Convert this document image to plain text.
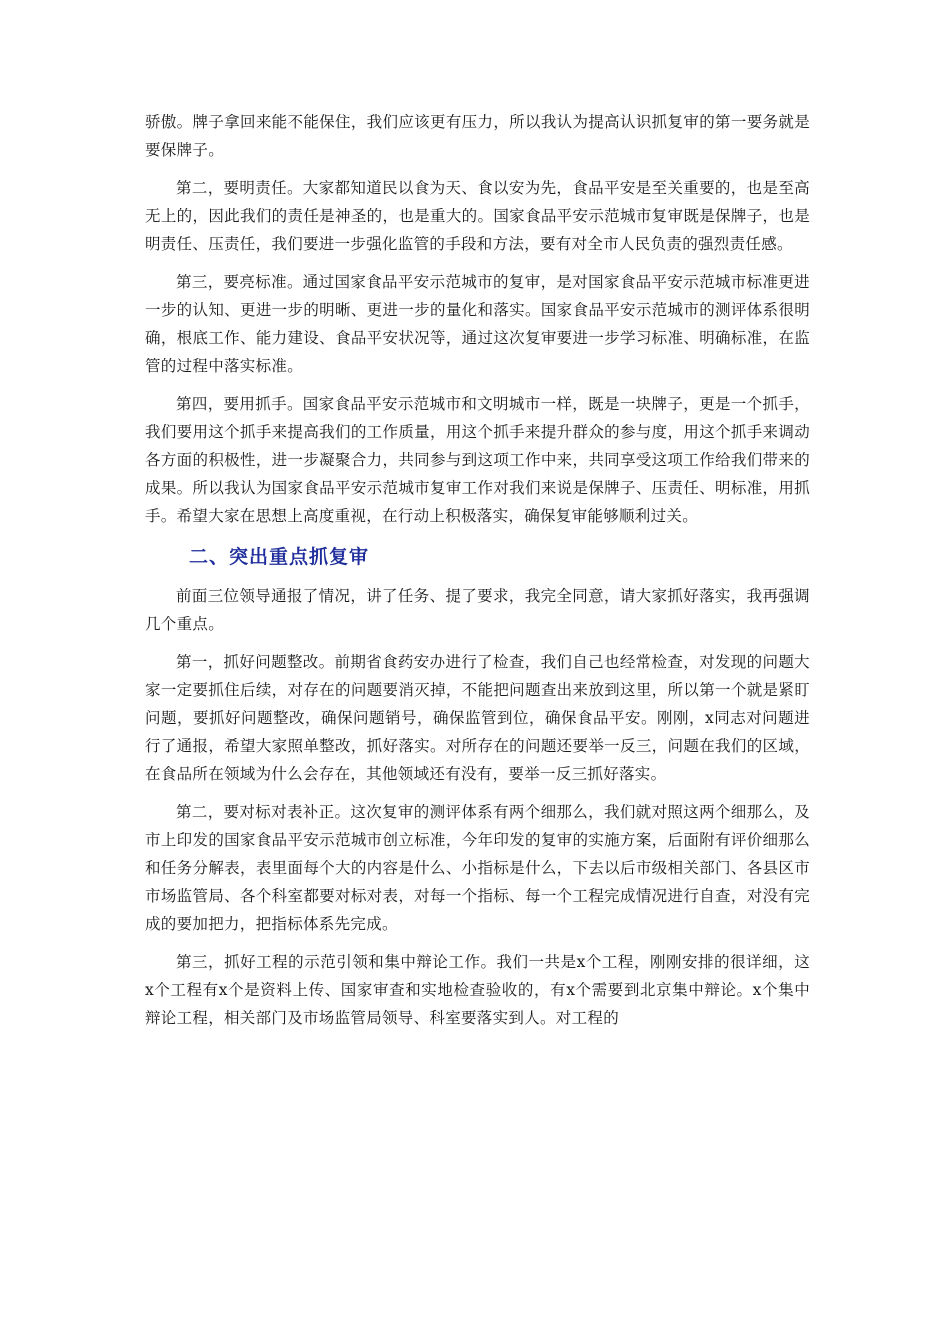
骄傲。牌子拿回来能不能保住，我们应该更有压力，所以我认为提高认识抓复审的第一要务就是要保牌子。

第二，要明责任。大家都知道民以食为天、食以安为先，食品平安是至关重要的，也是至高无上的，因此我们的责任是神圣的，也是重大的。国家食品平安示范城市复审既是保牌子，也是明责任、压责任，我们要进一步强化监管的手段和方法，要有对全市人民负责的强烈责任感。

第三，要亮标准。通过国家食品平安示范城市的复审，是对国家食品平安示范城市标准更进一步的认知、更进一步的明晰、更进一步的量化和落实。国家食品平安示范城市的测评体系很明确，根底工作、能力建设、食品平安状况等，通过这次复审要进一步学习标准、明确标准，在监管的过程中落实标准。

第四，要用抓手。国家食品平安示范城市和文明城市一样，既是一块牌子，更是一个抓手，我们要用这个抓手来提高我们的工作质量，用这个抓手来提升群众的参与度，用这个抓手来调动各方面的积极性，进一步凝聚合力，共同参与到这项工作中来，共同享受这项工作给我们带来的成果。所以我认为国家食品平安示范城市复审工作对我们来说是保牌子、压责任、明标准，用抓手。希望大家在思想上高度重视，在行动上积极落实，确保复审能够顺利过关。

二、突出重点抓复审

前面三位领导通报了情况，讲了任务、提了要求，我完全同意，请大家抓好落实，我再强调几个重点。

第一，抓好问题整改。前期省食药安办进行了检查，我们自己也经常检查，对发现的问题大家一定要抓住后续，对存在的问题要消灭掉，不能把问题查出来放到这里，所以第一个就是紧盯问题，要抓好问题整改，确保问题销号，确保监管到位，确保食品平安。刚刚，x同志对问题进行了通报，希望大家照单整改，抓好落实。对所存在的问题还要举一反三，问题在我们的区域，在食品所在领域为什么会存在，其他领域还有没有，要举一反三抓好落实。

第二，要对标对表补正。这次复审的测评体系有两个细那么，我们就对照这两个细那么，及市上印发的国家食品平安示范城市创立标准，今年印发的复审的实施方案，后面附有评价细那么和任务分解表，表里面每个大的内容是什么、小指标是什么，下去以后市级相关部门、各县区市市场监管局、各个科室都要对标对表，对每一个指标、每一个工程完成情况进行自查，对没有完成的要加把力，把指标体系先完成。

第三，抓好工程的示范引领和集中辩论工作。我们一共是x个工程，刚刚安排的很详细，这x个工程有x个是资料上传、国家审查和实地检查验收的，有x个需要到北京集中辩论。x个集中辩论工程，相关部门及市场监管局领导、科室要落实到人。对工程的
